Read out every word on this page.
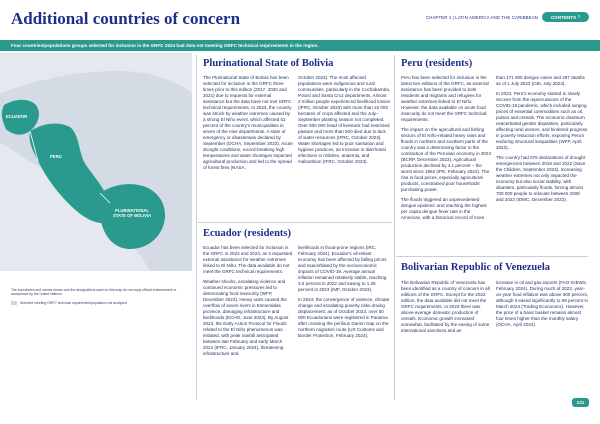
Additional countries of concern	CHAPTER 1 | LATIN AMERICA AND THE CARIBBEAN	CONTENTS ›
Four countries/populations groups selected for inclusion in the GRFC 2024 had data not meeting GRFC technical requirements in the region.
ECUADOR
PERU
PLURINATIONAL STATE OF BOLIVIA
The boundaries and names shown and the designations used on this map do not imply official endorsement or acceptance by the United Nations.
Selected meeting GRFC technical requirement/population not analysed
Plurinational State of Bolivia

The Plurinational State of Bolivia has been selected for inclusion in the GRFC three times prior to this edition (2017, 2020 and 2021) due to requests for external assistance but the data have not met GRFC technical requirements. In 2023, the country was struck by weather extremes caused by a strong El Niño event, which affected 51 percent of the country's municipalities in seven of the nine departments. A state of emergency or disasterwas declared by September (OCHA, September 2023). Acute drought conditions, record-breaking high temperatures and water shortages impacted agricultural production and led to the spread of forest fires (NASA,

October 2023). The most affected populations were indigenous and rural communities, particularly in the Cochabamba, Potosí and Santa Cruz departments. Almost 2 million people experienced livelihood losses (IFRC, October 2023) with more than 22 000 hectares of crops affected and the July–September planting season not completed. Over 500 000 head of livestock had restricted pasture and more than 500 died due to lack of water resources (IFRC, October 2023). Water shortages led to poor sanitation and hygiene practices, an increase in diarrhoeal infections in children, anaemia, and malnutrition (IFRC, October 2023).

Ecuador (residents)

Ecuador has been selected for inclusion in the GRFC in 2022 and 2023, as it requested external assistance for weather extremes linked to El Niño. The data available do not meet the GRFC technical requirements.

Weather shocks, escalating violence and continued economic pressures led to deteriorating food insecurity (WFP, December 2023). Heavy rains caused the overflow of seven rivers in Esmeraldas province, damaging infrastructure and livelihoods (ECHO, June 2023). By August 2023, the Early Action Protocol for Floods related to the El Niño phenomenon was initiated, with peak rainfall anticipated between late February and early March 2024 (IFRC, January 2024), threatening infrastructure and

livelihoods in flood-prone regions (IRC, February 2024). Ecuador's oil-reliant economy has been affected by falling prices and exacerbated by the socioeconomic impacts of COVID-19. Average annual inflation remained relatively stable, reaching 3.5 percent in 2022 and easing to 1.35 percent in 2023 (IMF, October 2023).

In 2024, the convergence of violence, climate change and escalating poverty risks driving displacement; as of October 2023, over 50 000 Ecuadorians were registered in Panama after crossing the perilous Darien Gap on the northern migration route (US Customs and Border Protection, February 2024).

Peru (residents)

Peru has been selected for inclusion in the latest two editions of the GRFC, as external assistance has been provided to both residents and migrants and refugees for weather extremes linked to El Niño. However, the data available on acute food insecurity do not meet the GRFC technical requirements.

The impact on the agricultural and fishing sectors of El Niño-related heavy rains and floods in northern and southern parts of the country was a determining factor in the contraction of the Peruvian economy in 2023 (BCRP, December 2023). Agricultural production declined by 4.1 percent – the worst since 1992 (IPE, February 2024). The rise in food prices, especially agricultural products, constrained poor households' purchasing power.

The floods triggered an unprecedented dengue epidemic and reaching the highest per capita dengue fever rate in the Americas, with a historical record of more

than 171 000 dengue cases and 287 deaths as of 1 July 2023 (CBI, July 2023).

In 2023, Peru's economy started to slowly recover from the repercussions of the COVID-19 pandemic, which included surging prices of essential commodities such as oil, pulses and cereals. The economic downturn exacerbated gender disparities, particularly affecting rural women, and hindered progress in poverty reduction efforts, exposing Peru's enduring structural inequalities (WFP, April 2023).

The country had 876 declarations of drought emergencies between 2019 and 2022 (Save the Children, September 2023). Increasing weather extremes not only impacted the economy but also social stability, with disasters, particularly floods, forcing almost 700 000 people to relocate between 2008 and 2022 (IDMC, December 2022).

Bolivarian Republic of Venezuela

The Bolivarian Republic of Venezuela has been identified as a country of concern in all editions of the GRFC. Except for the 2022 edition, the data available did not meet the GRFC requirements. In 2023 there was above-average domestic production of cereals. Economic growth increased somewhat, facilitated by the easing of some international sanctions and an

increase in oil and gas exports (FAO-GIEWS, February 2024). During much of 2023, year-on-year food inflation was above 300 percent, although it eased significantly to 59 percent in March 2024 (Trading Economics). However, the price of a basic basket remains almost four times higher than the monthly salary (OCHA, April 2024).

121
